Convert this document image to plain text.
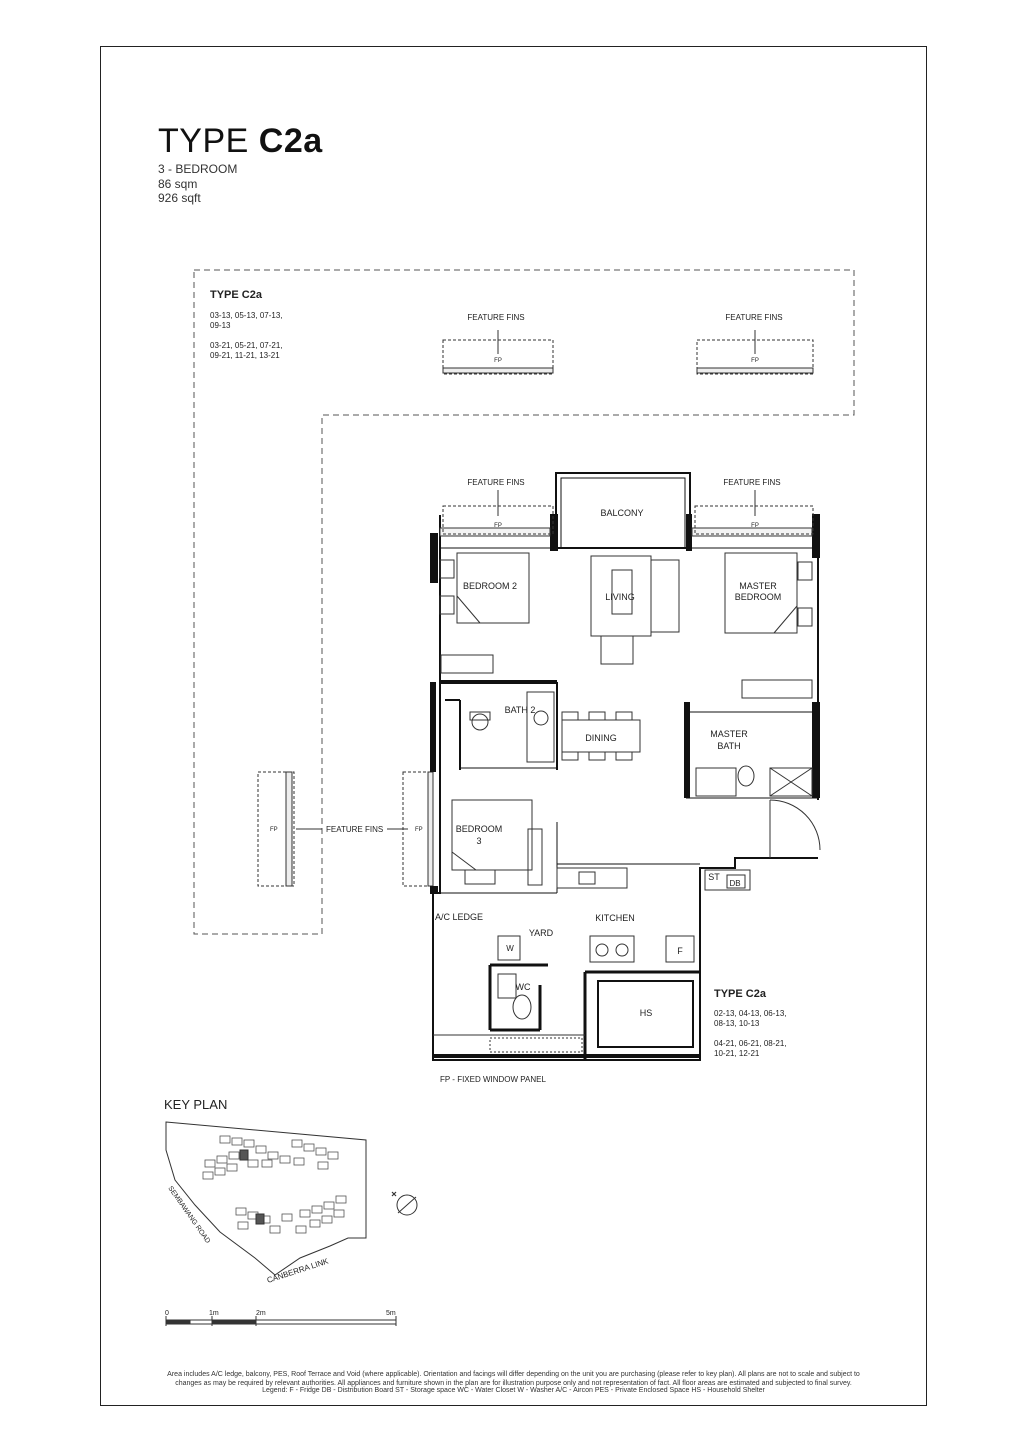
TYPE C2a
3 - BEDROOM
86 sqm
926 sqft
TYPE C2a
03-13, 05-13, 07-13,
09-13
03-21, 05-21, 07-21,
09-21, 11-21, 13-21
FEATURE FINS
FP
FEATURE FINS
FP
FP	FEATURE FINS	FP
FEATURE FINS
FP
FEATURE FINS
FP
BALCONY
BEDROOM 2
LIVING
MASTER
BEDROOM
BATH 2
DINING	MASTER
BATH
BEDROOM
3
ST
DB
A/C LEDGE	KITCHEN
YARD
W
WC
F
HS
TYPE C2a
02-13, 04-13, 06-13,
08-13, 10-13
04-21, 06-21, 08-21,
10-21, 12-21
FP - FIXED WINDOW PANEL
SEMBAWANG ROAD
CANBERRA LINK
0	1m	2m	5m
KEY PLAN
Area includes A/C ledge, balcony, PES, Roof Terrace and Void (where applicable). Orientation and facings will differ depending on the unit you are purchasing (please refer to key plan). All plans are not to scale and subject to
changes as may be required by relevant authorities. All appliances and furniture shown in the plan are for illustration purpose only and not representation of fact. All floor areas are estimated and subjected to final survey.
Legend: F - Fridge DB - Distribution Board ST - Storage space WC - Water Closet W - Washer A/C - Aircon PES - Private Enclosed Space HS - Household Shelter
